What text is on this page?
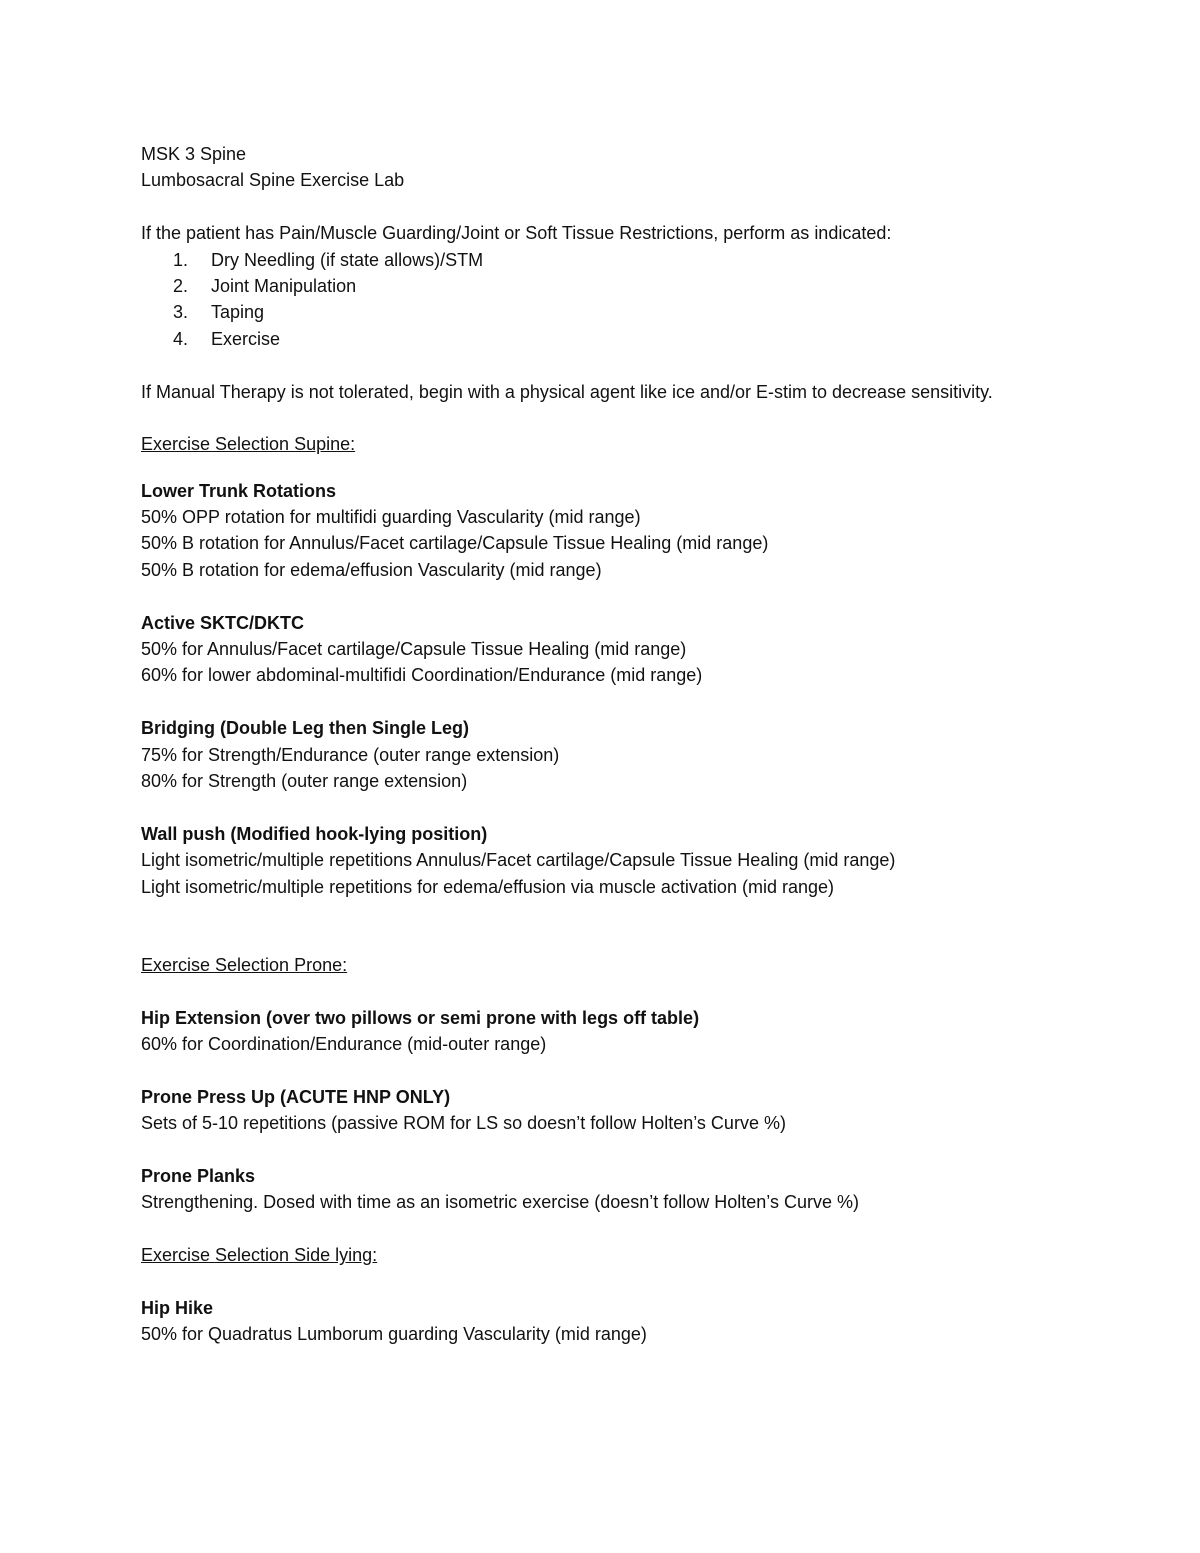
MSK 3 Spine
Lumbosacral Spine Exercise Lab
If the patient has Pain/Muscle Guarding/Joint or Soft Tissue Restrictions, perform as indicated:
1. Dry Needling (if state allows)/STM
2. Joint Manipulation
3. Taping
4. Exercise
If Manual Therapy is not tolerated, begin with a physical agent like ice and/or E-stim to decrease sensitivity.
Exercise Selection Supine:
Lower Trunk Rotations
50% OPP rotation for multifidi guarding Vascularity (mid range)
50% B rotation for Annulus/Facet cartilage/Capsule Tissue Healing (mid range)
50% B rotation for edema/effusion Vascularity (mid range)
Active SKTC/DKTC
50% for Annulus/Facet cartilage/Capsule Tissue Healing (mid range)
60% for lower abdominal-multifidi Coordination/Endurance (mid range)
Bridging (Double Leg then Single Leg)
75% for Strength/Endurance (outer range extension)
80% for Strength (outer range extension)
Wall push (Modified hook-lying position)
Light isometric/multiple repetitions Annulus/Facet cartilage/Capsule Tissue Healing (mid range)
Light isometric/multiple repetitions for edema/effusion via muscle activation (mid range)
Exercise Selection Prone:
Hip Extension (over two pillows or semi prone with legs off table)
60% for Coordination/Endurance (mid-outer range)
Prone Press Up (ACUTE HNP ONLY)
Sets of 5-10 repetitions (passive ROM for LS so doesn’t follow Holten’s Curve %)
Prone Planks
Strengthening. Dosed with time as an isometric exercise (doesn’t follow Holten’s Curve %)
Exercise Selection Side lying:
Hip Hike
50% for Quadratus Lumborum guarding Vascularity (mid range)
